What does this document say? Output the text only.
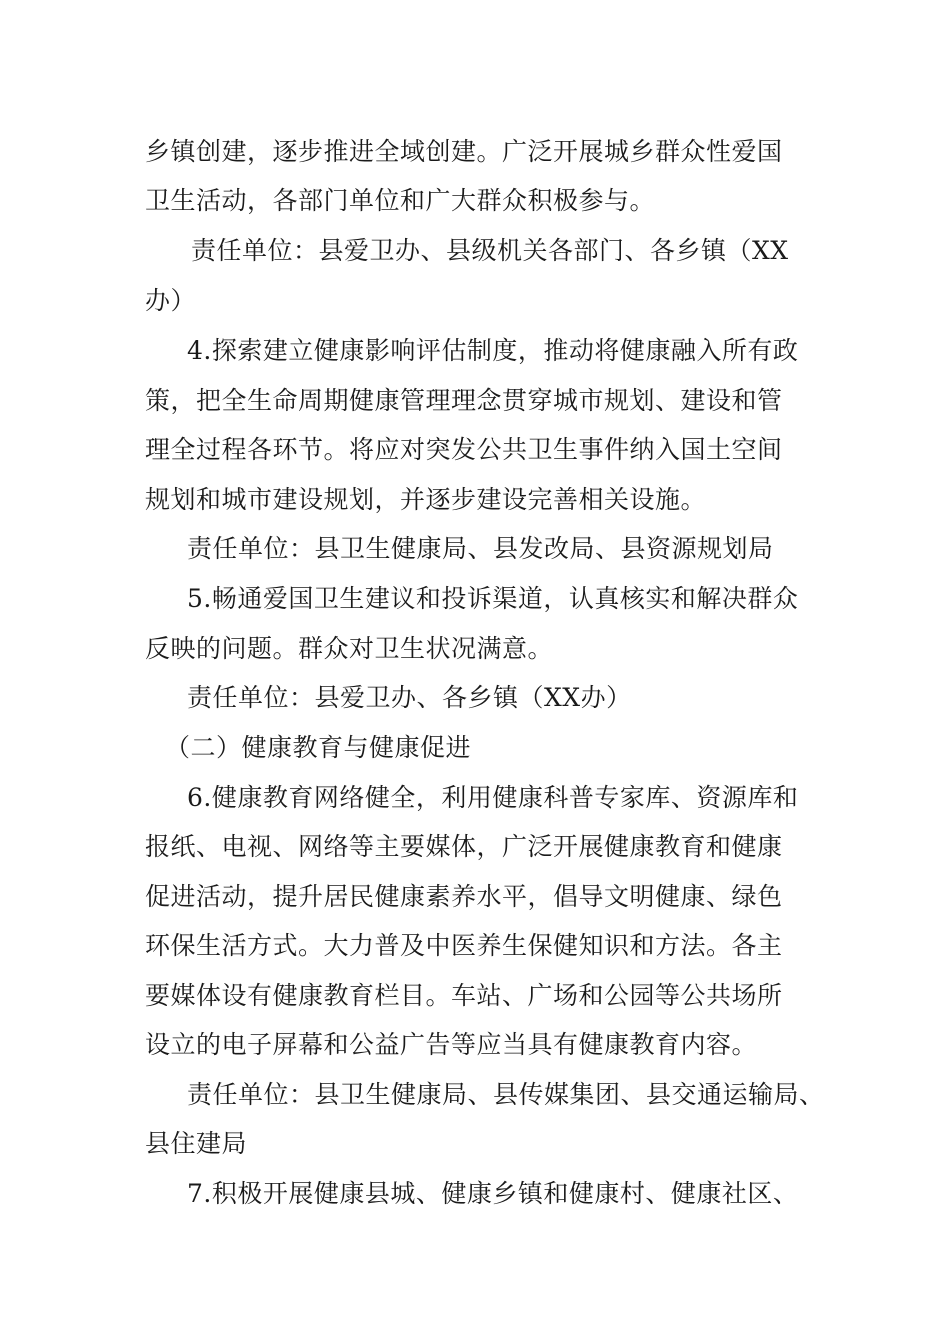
乡镇创建，逐步推进全域创建。广泛开展城乡群众性爱国
卫生活动，各部门单位和广大群众积极参与。
责任单位：县爱卫办、县级机关各部门、各乡镇（XX
办）
4.探索建立健康影响评估制度，推动将健康融入所有政
策，把全生命周期健康管理理念贯穿城市规划、建设和管
理全过程各环节。将应对突发公共卫生事件纳入国土空间
规划和城市建设规划，并逐步建设完善相关设施。
责任单位：县卫生健康局、县发改局、县资源规划局
5.畅通爱国卫生建议和投诉渠道，认真核实和解决群众
反映的问题。群众对卫生状况满意。
责任单位：县爱卫办、各乡镇（XX办）
（二）健康教育与健康促进
6.健康教育网络健全，利用健康科普专家库、资源库和
报纸、电视、网络等主要媒体，广泛开展健康教育和健康
促进活动，提升居民健康素养水平，倡导文明健康、绿色
环保生活方式。大力普及中医养生保健知识和方法。各主
要媒体设有健康教育栏目。车站、广场和公园等公共场所
设立的电子屏幕和公益广告等应当具有健康教育内容。
责任单位：县卫生健康局、县传媒集团、县交通运输局、
县住建局
7.积极开展健康县城、健康乡镇和健康村、健康社区、
